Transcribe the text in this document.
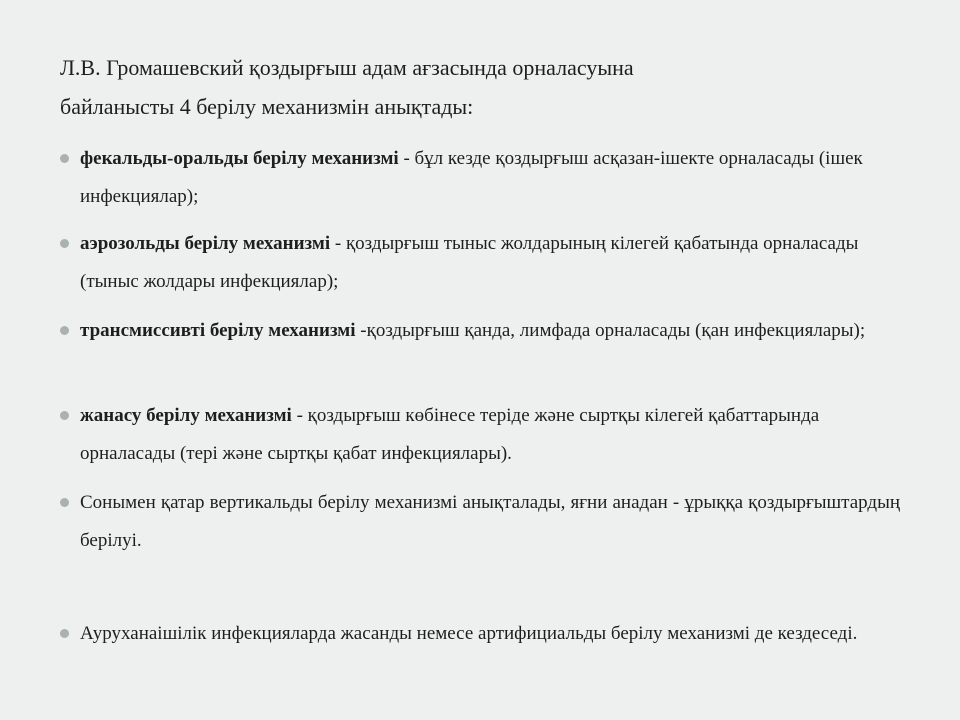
Л.В. Громашевский қоздырғыш адам ағзасында орналасуына
байланысты 4 берілу механизмін анықтады:
фекальды-оральды берілу механизмі - бұл кезде қоздырғыш асқазан-ішекте орналасады (ішек инфекциялар);
аэрозольды берілу механизмі - қоздырғыш тыныс жолдарының кілегей қабатында орналасады (тыныс жолдары инфекциялар);
трансмиссивті берілу механизмі -қоздырғыш қанда, лимфада орналасады (қан инфекциялары);
жанасу берілу механизмі - қоздырғыш көбінесе теріде және сыртқы кілегей қабаттарында орналасады (тері және сыртқы қабат инфекциялары).
Сонымен қатар вертикальды берілу механизмі анықталады, яғни анадан - ұрыққа қоздырғыштардың берілуі.
Ауруханаішілік инфекцияларда жасанды немесе артифициальды берілу механизмі де кездеседі.
